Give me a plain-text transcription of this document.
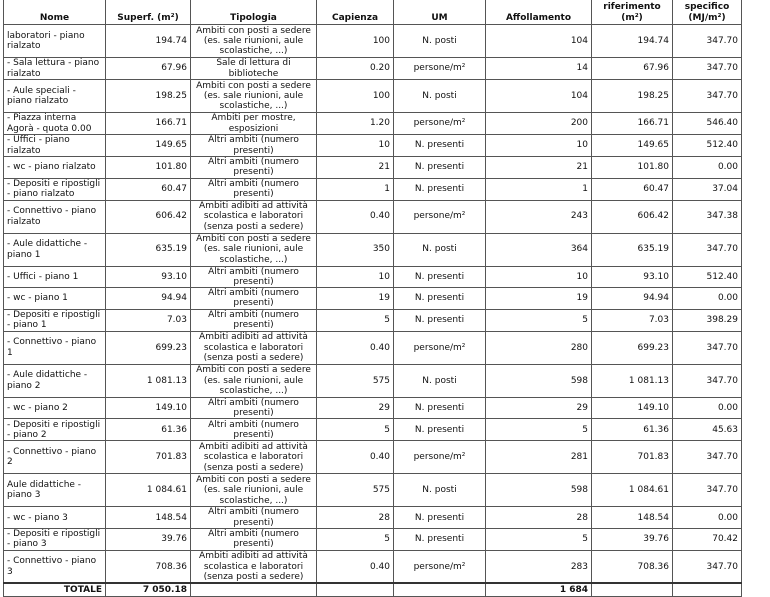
Nome	Superf. (m²)	Tipologia	Capienza	UM	Affollamento	riferimento (m²)	specifico (MJ/m²)
laboratori - piano rialzato	194.74	Ambiti con posti a sedere (es. sale riunioni, aule scolastiche, ...)	100	N. posti	104	194.74	347.70
- Sala lettura - piano rialzato	67.96	Sale di lettura di biblioteche	0.20	persone/m²	14	67.96	347.70
- Aule speciali - piano rialzato	198.25	Ambiti con posti a sedere (es. sale riunioni, aule scolastiche, ...)	100	N. posti	104	198.25	347.70
- Piazza interna Agorà - quota 0.00	166.71	Ambiti per mostre, esposizioni	1.20	persone/m²	200	166.71	546.40
- Uffici - piano rialzato	149.65	Altri ambiti (numero presenti)	10	N. presenti	10	149.65	512.40
- wc - piano rialzato	101.80	Altri ambiti (numero presenti)	21	N. presenti	21	101.80	0.00
- Depositi e ripostigli - piano rialzato	60.47	Altri ambiti (numero presenti)	1	N. presenti	1	60.47	37.04
- Connettivo - piano rialzato	606.42	Ambiti adibiti ad attività scolastica e laboratori (senza posti a sedere)	0.40	persone/m²	243	606.42	347.38
- Aule didattiche - piano 1	635.19	Ambiti con posti a sedere (es. sale riunioni, aule scolastiche, ...)	350	N. posti	364	635.19	347.70
- Uffici - piano 1	93.10	Altri ambiti (numero presenti)	10	N. presenti	10	93.10	512.40
- wc - piano 1	94.94	Altri ambiti (numero presenti)	19	N. presenti	19	94.94	0.00
- Depositi e ripostigli - piano 1	7.03	Altri ambiti (numero presenti)	5	N. presenti	5	7.03	398.29
- Connettivo - piano 1	699.23	Ambiti adibiti ad attività scolastica e laboratori (senza posti a sedere)	0.40	persone/m²	280	699.23	347.70
- Aule didattiche - piano 2	1 081.13	Ambiti con posti a sedere (es. sale riunioni, aule scolastiche, ...)	575	N. posti	598	1 081.13	347.70
- wc - piano 2	149.10	Altri ambiti (numero presenti)	29	N. presenti	29	149.10	0.00
- Depositi e ripostigli - piano 2	61.36	Altri ambiti (numero presenti)	5	N. presenti	5	61.36	45.63
- Connettivo - piano 2	701.83	Ambiti adibiti ad attività scolastica e laboratori (senza posti a sedere)	0.40	persone/m²	281	701.83	347.70
Aule didattiche - piano 3	1 084.61	Ambiti con posti a sedere (es. sale riunioni, aule scolastiche, ...)	575	N. posti	598	1 084.61	347.70
- wc - piano 3	148.54	Altri ambiti (numero presenti)	28	N. presenti	28	148.54	0.00
- Depositi e ripostigli - piano 3	39.76	Altri ambiti (numero presenti)	5	N. presenti	5	39.76	70.42
- Connettivo - piano 3	708.36	Ambiti adibiti ad attività scolastica e laboratori (senza posti a sedere)	0.40	persone/m²	283	708.36	347.70
TOTALE	7 050.18				1 684		
